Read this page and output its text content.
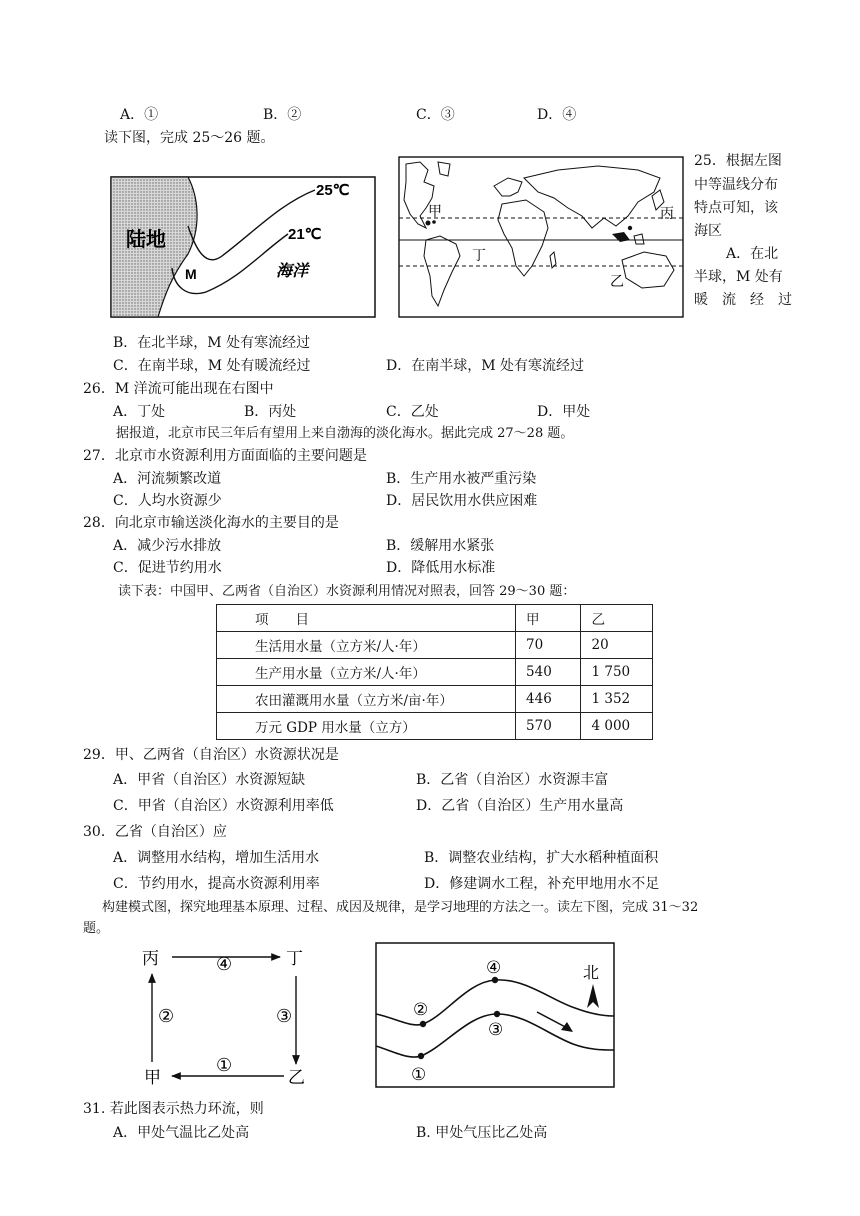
A．①	B．②	C．③	D．④
读下图，完成 25～26 题。
25℃
21℃
陆地
海洋
M
甲	丙
丁
乙
25．根据左图
中等温线分布
特点可知，该
海区
A．在北
半球，M 处有
暖　流　经　过
B．在北半球，M 处有寒流经过
C．在南半球，M 处有暖流经过	D．在南半球，M 处有寒流经过
26．M 洋流可能出现在右图中
A．丁处	B．丙处	C．乙处	D．甲处
据报道，北京市民三年后有望用上来自渤海的淡化海水。据此完成 27～28 题。
27．北京市水资源利用方面面临的主要问题是
A．河流频繁改道	B．生产用水被严重污染
C．人均水资源少	D．居民饮用水供应困难
28．向北京市输送淡化海水的主要目的是
A．减少污水排放	B．缓解用水紧张
C．促进节约用水	D．降低用水标准
读下表：中国甲、乙两省（自治区）水资源利用情况对照表，回答 29～30 题：
项　　目	甲	乙
生活用水量（立方米/人·年）	70	20
生产用水量（立方米/人·年）	540	1 750
农田灌溉用水量（立方米/亩·年）	446	1 352
万元 GDP 用水量（立方）	570	4 000
29．甲、乙两省（自治区）水资源状况是
A．甲省（自治区）水资源短缺	B．乙省（自治区）水资源丰富
C．甲省（自治区）水资源利用率低	D．乙省（自治区）生产用水量高
30．乙省（自治区）应
A．调整用水结构，增加生活用水	B．调整农业结构，扩大水稻种植面积
C．节约用水，提高水资源利用率	D．修建调水工程，补充甲地用水不足
构建模式图，探究地理基本原理、过程、成因及规律，是学习地理的方法之一。读左下图，完成 31～32
题。
丙	丁
甲	乙
④
②	③
①
②
④
③
①
北
31. 若此图表示热力环流，则
A．甲处气温比乙处高	B. 甲处气压比乙处高
